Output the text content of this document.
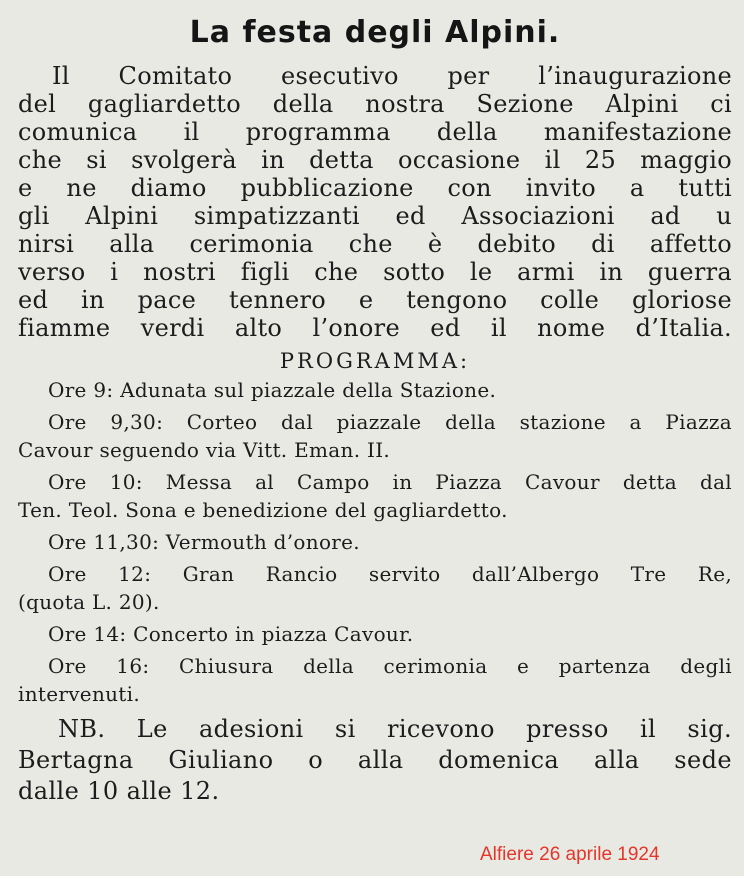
La festa degli Alpini.
Il Comitato esecutivo per l’inaugurazione
del gagliardetto della nostra Sezione Alpini ci
comunica il programma della manifestazione
che si svolgerà in detta occasione il 25 maggio
e ne diamo pubblicazione con invito a tutti
gli Alpini simpatizzanti ed Associazioni ad u
nirsi alla cerimonia che è debito di affetto
verso i nostri figli che sotto le armi in guerra
ed in pace tennero e tengono colle gloriose
fiamme verdi alto l’onore ed il nome d’Italia.
PROGRAMMA:
Ore 9: Adunata sul piazzale della Stazione.
Ore 9,30: Corteo dal piazzale della stazione a Piazza
Cavour seguendo via Vitt. Eman. II.
Ore 10: Messa al Campo in Piazza Cavour detta dal
Ten. Teol. Sona e benedizione del gagliardetto.
Ore 11,30: Vermouth d’onore.
Ore 12: Gran Rancio servito dall’Albergo Tre Re,
(quota L. 20).
Ore 14: Concerto in piazza Cavour.
Ore 16: Chiusura della cerimonia e partenza degli
intervenuti.
NB. Le adesioni si ricevono presso il sig.
Bertagna Giuliano o alla domenica alla sede
dalle 10 alle 12.
Alfiere 26 aprile 1924
